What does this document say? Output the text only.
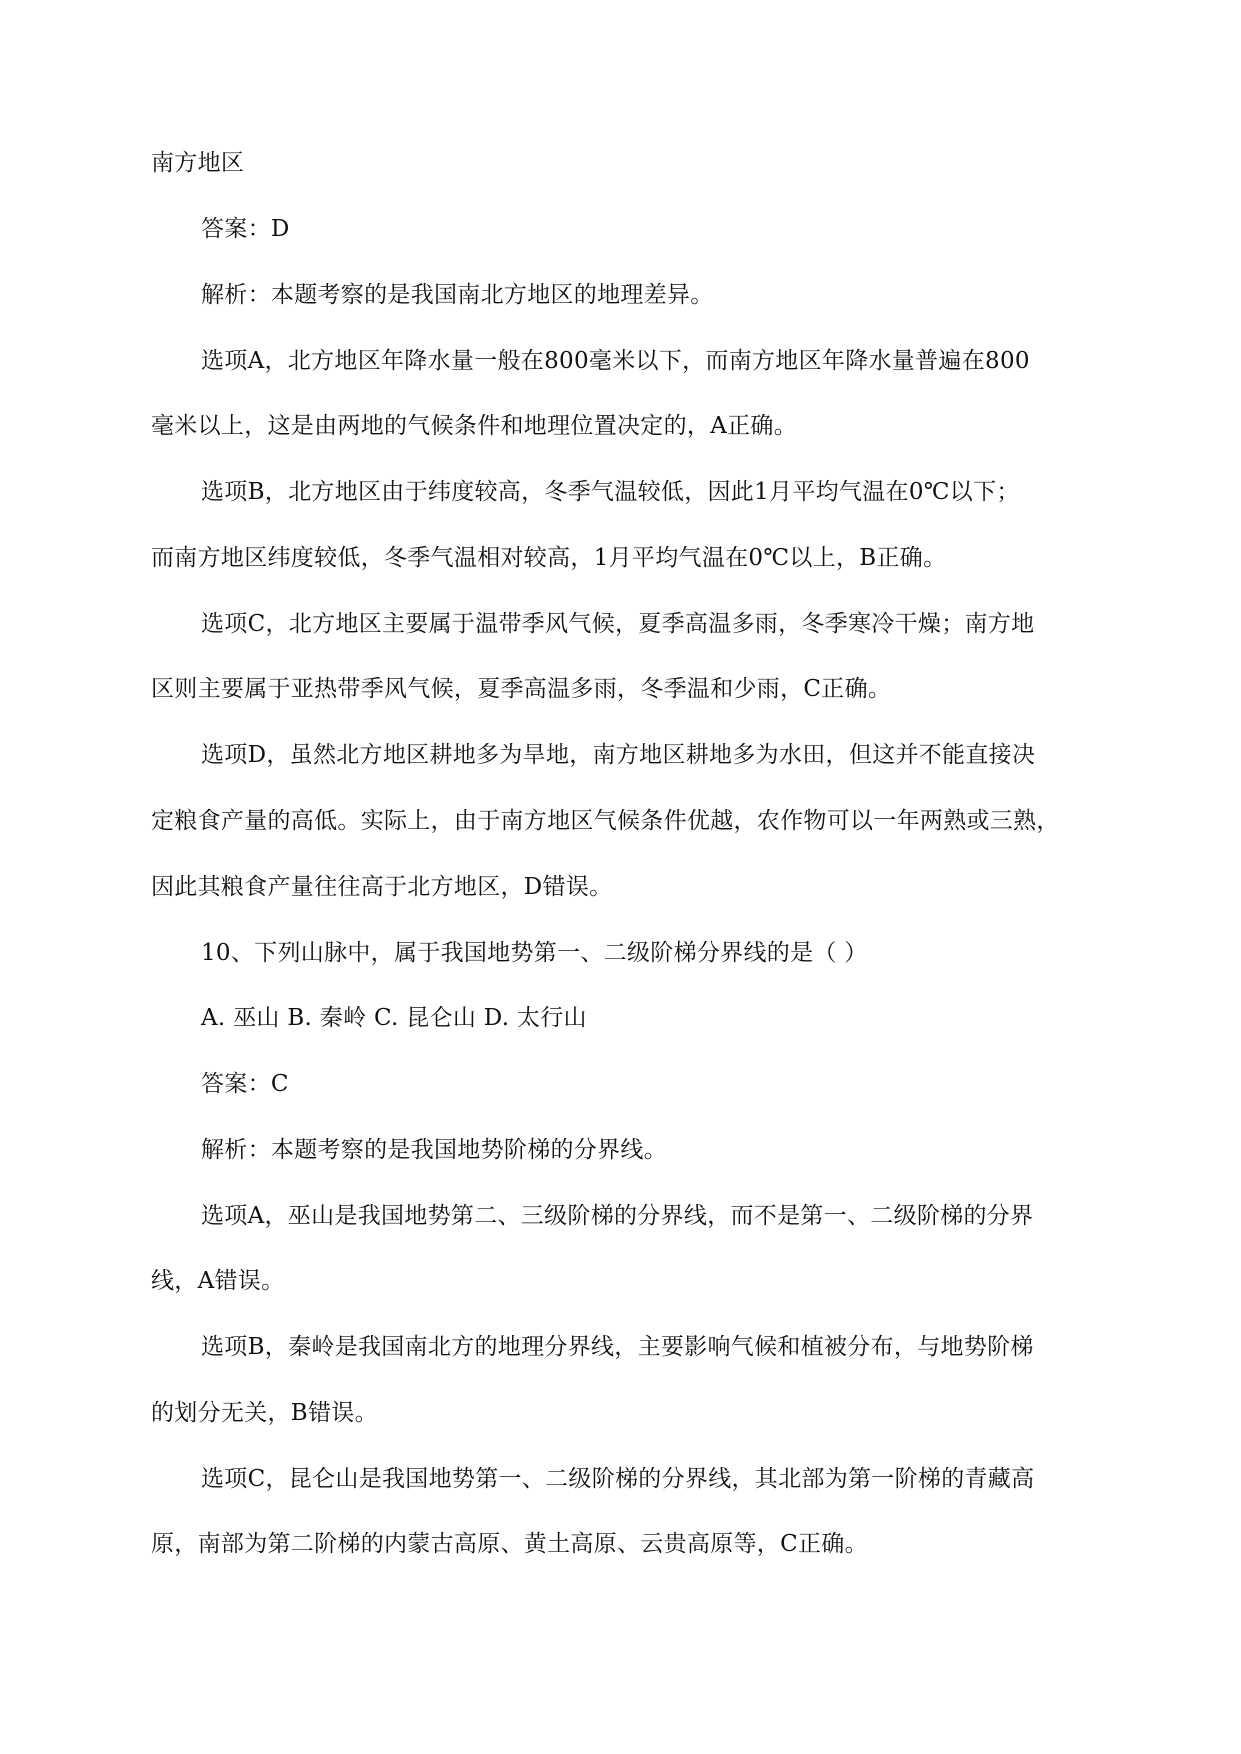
南方地区
答案：D
解析：本题考察的是我国南北方地区的地理差异。
选项A，北方地区年降水量一般在800毫米以下，而南方地区年降水量普遍在800
毫米以上，这是由两地的气候条件和地理位置决定的，A正确。
选项B，北方地区由于纬度较高，冬季气温较低，因此1月平均气温在0℃以下；
而南方地区纬度较低，冬季气温相对较高，1月平均气温在0℃以上，B正确。
选项C，北方地区主要属于温带季风气候，夏季高温多雨，冬季寒冷干燥；南方地
区则主要属于亚热带季风气候，夏季高温多雨，冬季温和少雨，C正确。
选项D，虽然北方地区耕地多为旱地，南方地区耕地多为水田，但这并不能直接决
定粮食产量的高低。实际上，由于南方地区气候条件优越，农作物可以一年两熟或三熟，
因此其粮食产量往往高于北方地区，D错误。
10、下列山脉中，属于我国地势第一、二级阶梯分界线的是（ ）
A. 巫山 B. 秦岭 C. 昆仑山 D. 太行山
答案：C
解析：本题考察的是我国地势阶梯的分界线。
选项A，巫山是我国地势第二、三级阶梯的分界线，而不是第一、二级阶梯的分界
线，A错误。
选项B，秦岭是我国南北方的地理分界线，主要影响气候和植被分布，与地势阶梯
的划分无关，B错误。
选项C，昆仑山是我国地势第一、二级阶梯的分界线，其北部为第一阶梯的青藏高
原，南部为第二阶梯的内蒙古高原、黄土高原、云贵高原等，C正确。
